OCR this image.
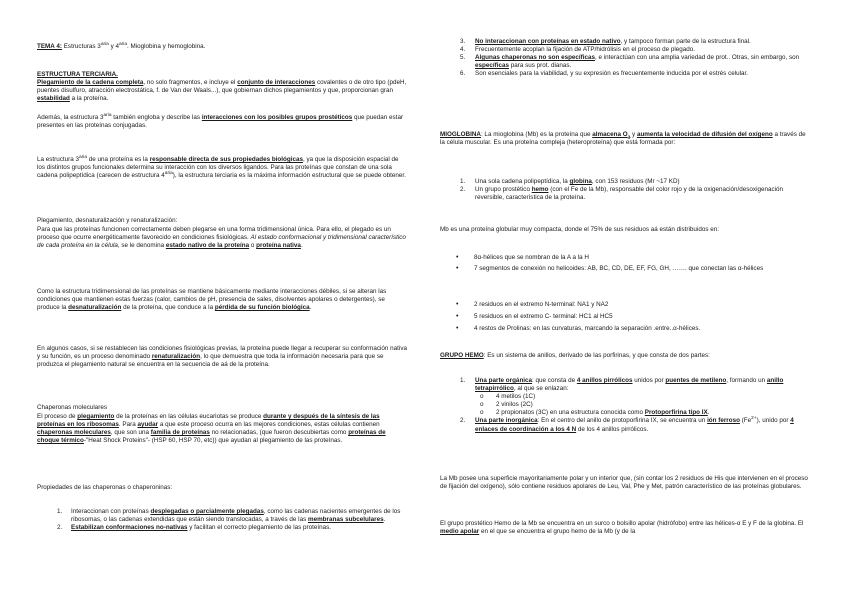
TEMA 4: Estructuras $3^{aria}$ y $4^{aria}$. Mioglobina y hemoglobina.

ESTRUCTURA TERCIARIA.

Plegamiento de la cadena completa, no solo fragmentos, e incluye el conjunto de interacciones covalentes o de otro tipo (pdeH, puentes disulfuro, atracción electrostática, f. de Van der Waals...), que gobiernan dichos plegamientos y que, proporcionan gran estabilidad a la proteína.

Además, la estructura $3^{aria}$ también engloba y describe las interacciones con los posibles grupos prostéticos que puedan estar presentes en las proteínas conjugadas.

La estructura $3^{aria}$ de una proteína es la responsable directa de sus propiedades biológicas, ya que la disposición espacial de los distintos grupos funcionales determina su interacción con los diversos ligandos. Para las proteínas que constan de una sola cadena polipeptídica (carecen de estructura $4^{aria}$), la estructura terciaria es la máxima información estructural que se puede obtener.

Plegamiento, desnaturalización y renaturalización:

Para que las proteínas funcionen correctamente deben plegarse en una forma tridimensional única. Para ello, el plegado es un proceso que ocurre energéticamente favorecido en condiciones fisiológicas. Al estado conformacional y tridimensional característico de cada proteína en la célula, se le denomina estado nativo de la proteína o proteína nativa.

Como la estructura tridimensional de las proteínas se mantiene básicamente mediante interacciones débiles, si se alteran las condiciones que mantienen estas fuerzas (calor, cambios de pH, presencia de sales, disolventes apolares o detergentes), se produce la desnaturalización de la proteína, que conduce a la pérdida de su función biológica.

En algunos casos, si se restablecen las condiciones fisiológicas previas, la proteína puede llegar a recuperar su conformación nativa y su función, es un proceso denominado renaturalización, lo que demuestra que toda la información necesaria para que se produzca el plegamiento natural se encuentra en la secuencia de aá de la proteína.

Chaperonas moleculares

El proceso de plegamiento de la proteínas en las células eucariotas se produce durante y después de la síntesis de las proteínas en los ribosomas. Para ayudar a que este proceso ocurra en las mejores condiciones, estas células contienen chaperonas moleculares, que son una familia de proteínas no relacionadas, (que fueron descubiertas como proteínas de choque térmico-"Heat Shock Proteins"- (HSP 60, HSP 70, etc)) que ayudan al plegamiento de las proteínas.

Propiedades de las chaperonas o chaperoninas:

1. Interaccionan con proteínas desplegadas o parcialmente plegadas, como las cadenas nacientes emergentes de los ribosomas, o las cadenas extendidas que están siendo translocadas, a través de las membranas subcelulares.
2. Estabilizan conformaciones no-nativas y facilitan el correcto plegamiento de las proteínas.
3. No interaccionan con proteínas en estado nativo, y tampoco forman parte de la estructura final.
4. Frecuentemente acoplan la fijación de ATP/hidrólisis en el proceso de plegado.
5. Algunas chaperonas no son específicas, e interactúan con una amplia variedad de prot.. Otras, sin embargo, son específicas para sus prot. dianas.
6. Son esenciales para la viabilidad, y su expresión es frecuentemente inducida por el estrés celular.

MIOGLOBINA: La mioglobina (Mb) es la proteína que almacena $O_2$ y aumenta la velocidad de difusión del oxígeno a través de la célula muscular. Es una proteína compleja (heteroproteína) que está formada por:

1. Una sola cadena polipeptídica, la globina, con 153 residuos (Mr ~17 KD)
2. Un grupo prostético hemo (con el Fe de la Mb), responsable del color rojo y de la oxigenación/desoxigenación reversible, característica de la proteína.

Mb es una proteína globular muy compacta, donde el 75% de sus residuos aá están distribuidos en:

• 8α-hélices que se nombran de la A a la H
• 7 segmentos de conexión no helicoides: AB, BC, CD, DE, EF, FG, GH, ……. que conectan las α-hélices
• 2 residuos en el extremo N-terminal: NA1 y NA2
• 5 residuos en el extremo C- terminal: HC1 al HC5
• 4 restos de Prolinas: en las curvaturas, marcando la separación .entre..α-hélices.

GRUPO HEMO: Es un sistema de anillos, derivado de las porfirinas, y que consta de dos partes:

1. Una parte orgánica: que consta de 4 anillos pirrólicos unidos por puentes de metileno, formando un anillo tetrapirrólico, al que se enlazan:
o 4 metilos (1C)
o 2 vinilos (2C)
o 2 propionatos (3C) en una estructura conocida como Protoporfirina tipo IX.
2. Una parte inorgánica: En el centro del anillo de protoporfirina IX, se encuentra un ión ferroso $(Fe^{2+})$, unido por 4 enlaces de coordinación a los 4 N de los 4 anillos pirrólicos.

La Mb posee una superficie mayoritariamente polar y un interior que, (sin contar los 2 residuos de His que intervienen en el proceso de fijación del oxígeno), sólo contiene residuos apolares de Leu, Val, Phe y Met, patrón característico de las proteínas globulares.

El grupo prostético Hemo de la Mb se encuentra en un surco o bolsillo apolar (hidrófobo) entre las hélices-α E y F de la globina. El medio apolar en el que se encuentra el grupo hemo de la Mb (y de la
